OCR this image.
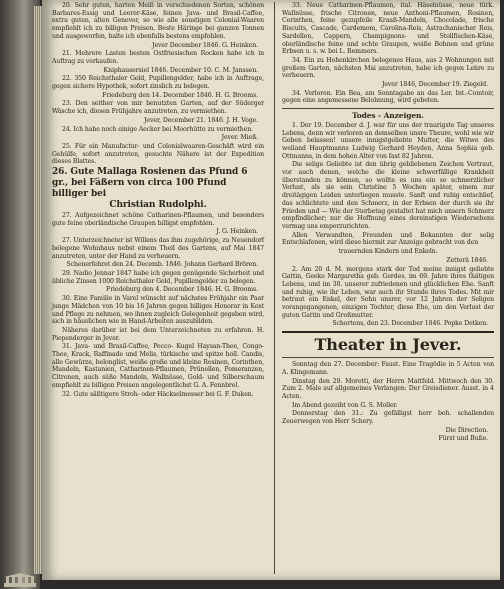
20. Sehr guten, harten Meiß in verschiedenen Sorten, schönen Barbares-Essig und Leerer-Käse, feinen Java- und Brasil-Caffee, extra guten, alten Genever, so wie alle sonstigen Colonial-Waaren empfiehlt ich zu billigen Preisen. Beste Häringe bei ganzen Tonnen und ausgeworfen, halte ich ebenfalls bestens empfohlen.
Jever December 1846. G. Heinken.
21. Mehrere Lasten besten Ostfriesischen Rocken habe ich in Auftrag zu verkaufen.
Kniphausersiel 1846. December 10. C. M. Janssen.
22. 350 Reichsthaler Geld, Pupillengelder, habe ich in Auftrage, gegen sichere Hypothek, sofort zinslich zu belegen.
Friedeburg den 14. December 1846. H. G. Brooms.
23. Den seither von mir benutzten Garten, auf der Süderger Wäsche ich, diesen Frühjahre anzutreten, zu vermiethen.
Jever, December 21. 1846. J. H. Voge.
24. Ich habe noch einige Aecker bei Moorhütte zu vermiethen.
Jever. Mieß.
25. Für ein Manufactur- und Colonialwaaren-Geschäft wird ein Gehülfe, sofort anzutreten, gesuchte Nähere ist der Expedition dieses Blattes.
26. Gute Mallaga Rosienen das Pfund 6 gr., bei Fäßern von circa 100 Pfund billiger bei
Christian Rudolphi.
27. Aufgezeichnet schöne Catharinen-Pflaumen, und besonders gute feine oberländische Graupen billigst empfohlen.
J. G. Heinken.
27. Unterzeichneter ist Willens das ihm zugehörige, zu Neuendorf belegene Wohnhaus nebst einem Theil des Gartens, auf Mai 1847 anzutreten, unter der Hand zu verheuern.
Schenerfehret den 24. Decemb. 1846. Johann Gerhard Brören.
29. Nadio Jennar 1847 habe ich gegen genügende Sicherheit und übliche Zinsen 1000 Reichsthaler Geld, Pupillengelder zu belegen.
Friedeburg den 4. December 1846. H. G. Brooms.
30. Eine Familie in Varel wünscht auf nächstes Frühjahr ein Paar junge Mädchen von 10 bis 16 Jahren gegen billiges Honorar in Kost und Pflege zu nehmen, wo ihnen zugleich Gelegenheit gegeben wird, sich in häuslichen wie in Hand-Arbeiten auszubilden.
Näheres darüber ist bei dem Unterzeichneten zu erfahren. H. Piependerger in Jever.
31. Java- und Brasil-Caffee, Pecco- Kugel Haysan-Thee, Congo-Thee, Krack, Raffinade und Melis, türkische und spitze holl. Candis, alle Gewürze, belonglist, weiße große und kleine Rosinen, Corinthen, Mandeln, Kastanien, Catharinen-Pflaumen, Prünellen, Pomeranzen, Citronen, auch süße Mandeln, Wallnüsse, Gold- und Silberschaum empfiehlt zu billigen Preisen angelegentlichst G. A. Fennbrel.
32. Gute säßtigere Stroh- oder Häckselmesser bei G. F. Duken.
33. Neue Catharinen-Pflaumen, ital. Häselnüsse, neue türk. Wallnüsse, frische Citronen, neue Anthoni-Pflaumen, Rosinen, Corinthen, feine gezupfeile Kraaß-Mandeln, Chocolade, frische Biscuits, Cascade, Cardemom, Carolina-Reis, Astrachanischer Reis, Sardellen, Cappern, Champignons- und Stollfischen-Käse, oberländische feine und echte Graupen, weiße Bohnen und grüne Erbsen u. s. w. bei L. Remmers.
34. Ein zu Hohenkirchen belegenes Haus, aus 2 Wohnungen mit großem Garten, nächsten Mai anzutreten, habe ich gegen Lehre zu verheuern.
Jever 1846, December 19. Ziegeld.
34. Verloren. Ein Bea, am Sonntagabe an das Ler. Int.-Comtoir, gegen eine angemessene Belohnung, wird gebeten.
Todes - Anzeigen.
1. Der 19. December d. J. war für uns der traurigste Tag unseres Lebens, denn wir verloren an demselben unsre Theure, wohl wie wir Geben belassen! unsere innigstgeliebte Mutter, die Witwe des weiland Hauptmanns Ludwig Gerhard Heyden, Anna Sophia geb. Ottmanns, in dem hohen Alter von fast 82 Jahren.
Die selige Geliebte ist den übrig gebliebenen Zeichen Vertraut, vor auch denen, welche die kleine schwerfällige Krankheit überstanden zu können, so wollte es uns ein so schmerzlicher Verlust, als sie sein Christine 5 Wochen später, einem nur dreitägigen Leiden unterliegen musste. Sanft und ruhig entschlief, das schlichtete und den Schmerz, in der Erbsen der durch sie ihr Frieden und — Wie der Sterbetag gestaltet hat mich unsern Schmerz empfindlicher; nur die Hoffnung eines dereinstigen Wiedersehens vermag uns emporzurichten.
Allen Verwandten, Freunden und Bekannten der selig Entschlafenen, wird diese hiermit zur Anzeige gebracht von den
trauernden Kindern und Enkeln.
Zetterä 1846.
2. Am 20 d. M. morgens stark der Tod meine innigst geliebte Gattin, Geeke Margaretha geb. Gerdes, im 69. Jahre ihres thätigen Lebens, und im 30. unserer zufriedenen und glücklichen Ehe. Sanft und ruhig, wie ihr Leben, war auch ihr Stunde ihres Todes. Mit mir betraut ein Enkel, der Sohn unsrer, vor 12 Jahren der Seligen vorangegangenen, einzigen Tochter, diese Ehe, um den Verlust der guten Gattin und Großmutter.
Schortens, den 23. December 1846. Popke Detken.
Theater in Jever.
Sonntag den 27. December: Faust. Eine Tragödie in 5 Acten von A. Klingemann.
Dinstag den 29. Moretti, der Herrn Mattfeld. Mittwoch den 30. Zum 2. Male auf allgemeines Verlangen: Der Greisdiener. Ausst. in 4 Acten.
Im Abend gezeiht von G. S. Moller.
Donnerstag den 31.: Zu gefälligst herr beh. schallenden Zeuerwegen von Herr Schery.
Die Direction.
Fürst und Buße.
